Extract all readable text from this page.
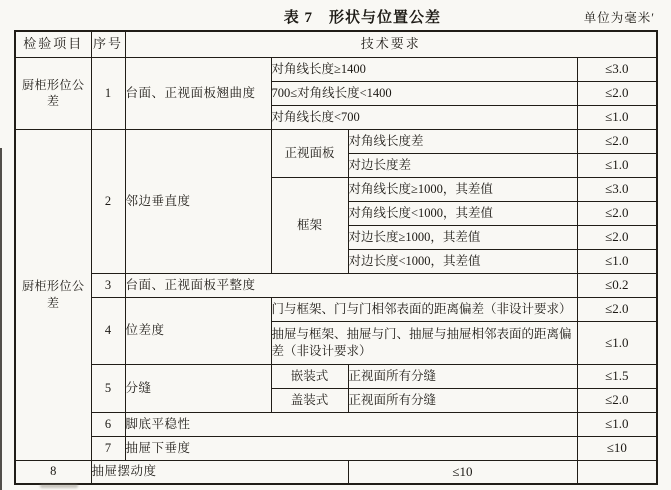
表 7　形状与位置公差	单位为毫米′
检验项目	序号	技术要求			
厨柜形位公差	1	台面、正视面板翘曲度	对角线长度≥1400		≤3.0
			700≤对角线长度<1400		≤2.0
			对角线长度<700		≤1.0
厨柜形位公差	2	邻边垂直度	正视面板	对角线长度差	≤2.0
				对边长度差	≤1.0
			框架	对角线长度≥1000，其差值	≤3.0
				对角线长度<1000，其差值	≤2.0
				对边长度≥1000，其差值	≤2.0
				对边长度<1000，其差值	≤1.0
	3	台面、正视面板平整度			≤0.2
	4	位差度	门与框架、门与门相邻表面的距离偏差（非设计要求）		≤2.0
			抽屉与框架、抽屉与门、抽屉与抽屉相邻表面的距离偏差（非设计要求）		≤1.0
	5	分缝	嵌装式	正视面所有分缝	≤1.5
			盖装式	正视面所有分缝	≤2.0
	6	脚底平稳性			≤1.0
	7	抽屉下垂度			≤10
8	抽屉摆动度			≤10	
